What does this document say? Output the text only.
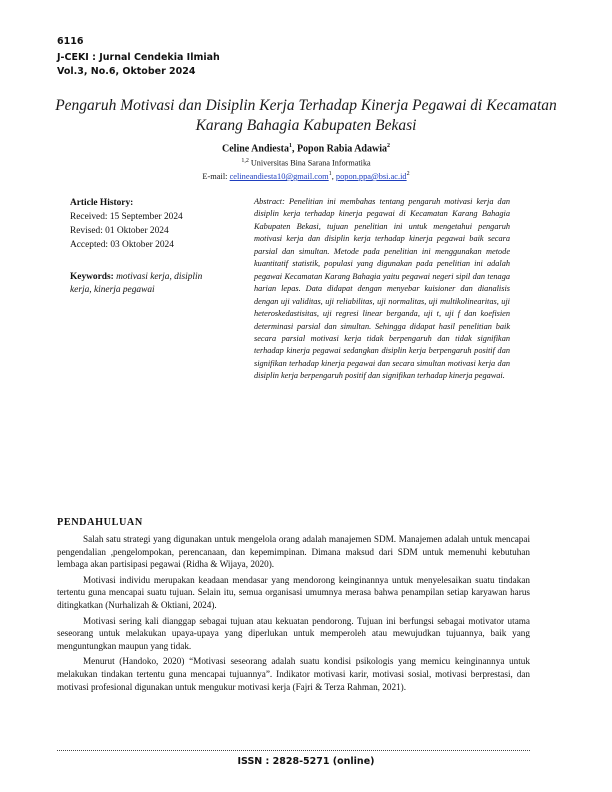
6116
J-CEKI : Jurnal Cendekia Ilmiah
Vol.3, No.6, Oktober 2024
Pengaruh Motivasi dan Disiplin Kerja Terhadap Kinerja Pegawai di Kecamatan Karang Bahagia Kabupaten Bekasi
Celine Andiesta$^1$, Popon Rabia Adawia$^2$
$^{1,2}$ Universitas Bina Sarana Informatika
E-mail: celineandiesta10@gmail.com$^1$, $popon.ppa@bsi.ac.id^2$
Article History:
Received: 15 September 2024
Revised: 01 Oktober 2024
Accepted: 03 Oktober 2024
Keywords: motivasi kerja, disiplin kerja, kinerja pegawai
Abstract: Penelitian ini membahas tentang pengaruh motivasi kerja dan disiplin kerja terhadap kinerja pegawai di Kecamatan Karang Bahagia Kabupaten Bekasi, tujuan penelitian ini untuk mengetahui pengaruh motivasi kerja dan disiplin kerja terhadap kinerja pegawai baik secara parsial dan simultan. Metode pada penelitian ini menggunakan metode kuantitatif statistik, populasi yang digunakan pada penelitian ini adalah pegawai Kecamatan Karang Bahagia yaitu pegawai negeri sipil dan tenaga harian lepas. Data didapat dengan menyebar kuisioner dan dianalisis dengan uji validitas, uji reliabilitas, uji normalitas, uji multikolinearitas, uji heteroskedastisitas, uji regresi linear berganda, uji t, uji f dan koefisien determinasi parsial dan simultan. Sehingga didapat hasil penelitian baik secara parsial motivasi kerja tidak berpengaruh dan tidak signifikan terhadap kinerja pegawai sedangkan disiplin kerja berpengaruh positif dan signifikan terhadap kinerja pegawai dan secara simultan motivasi kerja dan disiplin kerja berpengaruh positif dan signifikan terhadap kinerja pegawai.
PENDAHULUAN

Salah satu strategi yang digunakan untuk mengelola orang adalah manajemen SDM. Manajemen adalah untuk mencapai pengendalian ,pengelompokan, perencanaan, dan kepemimpinan. Dimana maksud dari SDM untuk memenuhi kebutuhan lembaga akan partisipasi pegawai (Ridha & Wijaya, 2020).

Motivasi individu merupakan keadaan mendasar yang mendorong keinginannya untuk menyelesaikan suatu tindakan tertentu guna mencapai suatu tujuan. Selain itu, semua organisasi umumnya merasa bahwa penampilan setiap karyawan harus ditingkatkan (Nurhalizah & Oktiani, 2024).

Motivasi sering kali dianggap sebagai tujuan atau kekuatan pendorong. Tujuan ini berfungsi sebagai motivator utama seseorang untuk melakukan upaya-upaya yang diperlukan untuk memperoleh atau mewujudkan tujuannya, baik yang menguntungkan maupun yang tidak.

Menurut (Handoko, 2020) “Motivasi seseorang adalah suatu kondisi psikologis yang memicu keinginannya untuk melakukan tindakan tertentu guna mencapai tujuannya”. Indikator motivasi karir, motivasi sosial, motivasi berprestasi, dan motivasi profesional digunakan untuk mengukur motivasi kerja (Fajri & Terza Rahman, 2021).

ISSN : 2828-5271 (online)
